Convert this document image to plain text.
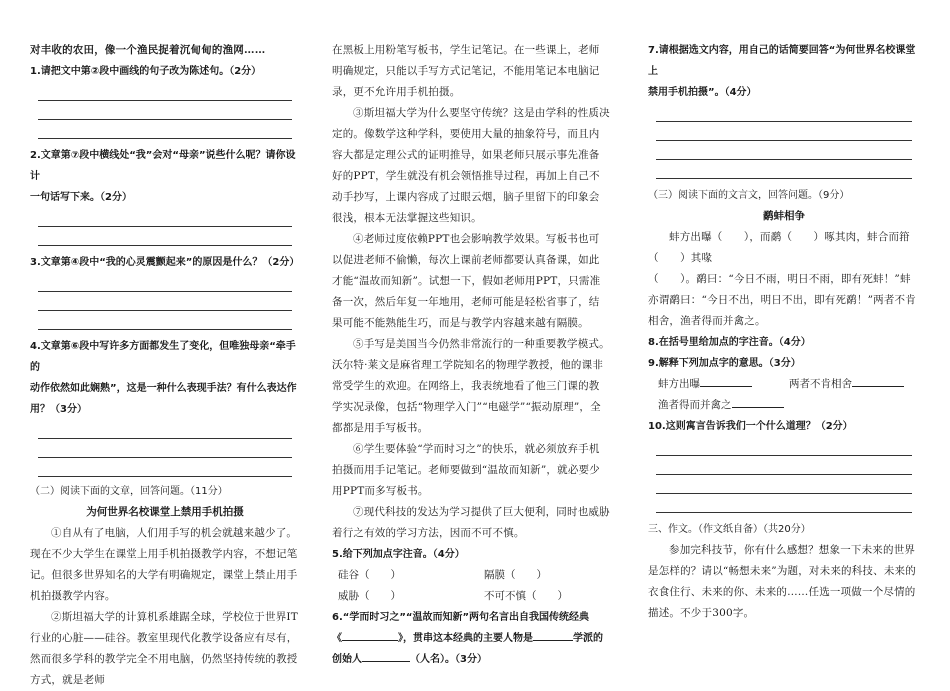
对丰收的农田，像一个渔民捉着沉甸甸的渔网……

1.请把文中第②段中画线的句子改为陈述句。（2分）

2.文章第⑦段中横线处“我”会对“母亲”说些什么呢？请你设计

一句话写下来。（2分）

3.文章第④段中“我的心灵震颤起来”的原因是什么？（2分）

4.文章第⑥段中写许多方面都发生了变化，但唯独母亲“牵手的

动作依然如此娴熟”，这是一种什么表现手法？有什么表达作

用？（3分）

（二）阅读下面的文章，回答问题。（11分）

为何世界名校课堂上禁用手机拍摄

①自从有了电脑，人们用手写的机会就越来越少了。现在不少大学生在课堂上用手机拍摄教学内容，不想记笔记。但很多世界知名的大学有明确规定，课堂上禁止用手机拍摄教学内容。

②斯坦福大学的计算机系雄踞全球，学校位于世界IT行业的心脏——硅谷。教室里现代化教学设备应有尽有，然而很多学科的教学完全不用电脑，仍然坚持传统的教授方式，就是老师

在黑板上用粉笔写板书，学生记笔记。在一些课上，老师明确规定，只能以手写方式记笔记，不能用笔记本电脑记录，更不允许用手机拍摄。

③斯坦福大学为什么要坚守传统？这是由学科的性质决定的。像数学这种学科，要使用大量的抽象符号，而且内容大都是定理公式的证明推导，如果老师只展示事先准备好的PPT，学生就没有机会领悟推导过程，再加上自己不动手抄写，上课内容成了过眼云烟，脑子里留下的印象会很浅，根本无法掌握这些知识。

④老师过度依赖PPT也会影响教学效果。写板书也可以促进老师不偷懒，每次上课前老师都要认真备课，如此才能“温故而知新”。试想一下，假如老师用PPT，只需准备一次，然后年复一年地用，老师可能是轻松省事了，结果可能不能熟能生巧，而是与教学内容越来越有隔膜。

⑤手写是美国当今仍然非常流行的一种重要教学模式。沃尔特·莱文是麻省理工学院知名的物理学教授，他的课非常受学生的欢迎。在网络上，我表统地看了他三门课的教学实况录像，包括“物理学入门”“电磁学”“振动原理”，全都都是用手写板书。

⑥学生要体验“学而时习之”的快乐，就必须放弃手机拍摄而用手记笔记。老师要做到“温故而知新”，就必要少用PPT而多写板书。

⑦现代科技的发达为学习提供了巨大便利，同时也威胁着行之有效的学习方法，因而不可不慎。

5.给下列加点字注音。（4分）

硅谷（　　）	隔膜（　　）
威胁（　　）	不可不慎（　　）

6.“学而时习之”“温故而知新”两句名言出自我国传统经典

《	》，贯串这本经典的主要人物是	学派的

创始人	（人名）。（3分）

7.请根据选文内容，用自己的话简要回答“为何世界名校课堂上

禁用手机拍摄”。（4分）

（三）阅读下面的文言文，回答问题。（9分）

鹬蚌相争

蚌方出曝（　　），而鹬（　　）啄其肉，蚌合而箝（　　）其喙

（　　）。鹬曰：“今日不雨，明日不雨，即有死蚌！”蚌亦谓鹬曰：“今日不出，明日不出，即有死鹬！”两者不肯相舍，渔者得而并禽之。

8.在括号里给加点的字注音。（4分）

9.解释下列加点字的意思。（3分）

蚌方出曝	两者不肯相舍
渔者得而并禽之

10.这则寓言告诉我们一个什么道理？（2分）

三、作文。（作文纸自备）（共20分）

参加完科技节，你有什么感想？想象一下未来的世界是怎样的？请以“畅想未来”为题，对未来的科技、未来的衣食住行、未来的你、未来的……任选一项做一个尽情的描述。不少于300字。
